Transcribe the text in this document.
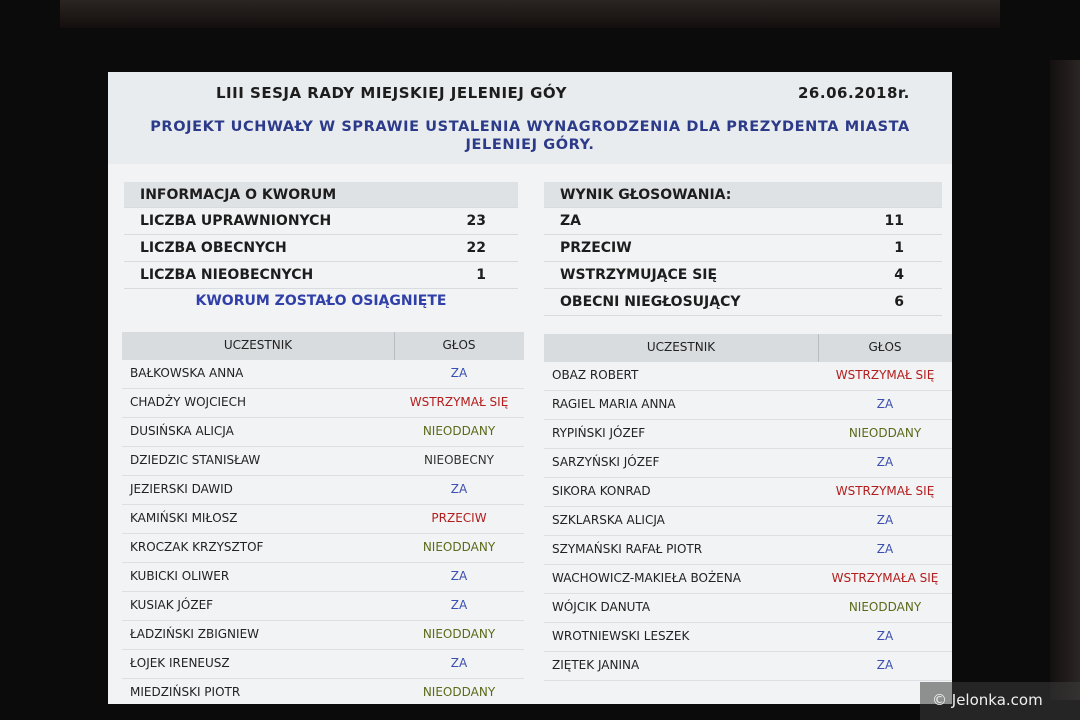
LIII SESJA RADY MIEJSKIEJ JELENIEJ GÓY	26.06.2018r.
PROJEKT UCHWAŁY W SPRAWIE USTALENIA WYNAGRODZENIA DLA PREZYDENTA MIASTA
JELENIEJ GÓRY.
INFORMACJA O KWORUM
LICZBA UPRAWNIONYCH	23
LICZBA OBECNYCH	22
LICZBA NIEOBECNYCH	1
KWORUM ZOSTAŁO OSIĄGNIĘTE
WYNIK GŁOSOWANIA:
ZA	11
PRZECIW	1
WSTRZYMUJĄCE SIĘ	4
OBECNI NIEGŁOSUJĄCY	6
UCZESTNIK	GŁOS
BAŁKOWSKA ANNA	ZA
CHADŻY WOJCIECH	WSTRZYMAŁ SIĘ
DUSIŃSKA ALICJA	NIEODDANY
DZIEDZIC STANISŁAW	NIEOBECNY
JEZIERSKI DAWID	ZA
KAMIŃSKI MIŁOSZ	PRZECIW
KROCZAK KRZYSZTOF	NIEODDANY
KUBICKI OLIWER	ZA
KUSIAK JÓZEF	ZA
ŁADZIŃSKI ZBIGNIEW	NIEODDANY
ŁOJEK IRENEUSZ	ZA
MIEDZIŃSKI PIOTR	NIEODDANY
UCZESTNIK	GŁOS
OBAZ ROBERT	WSTRZYMAŁ SIĘ
RAGIEL MARIA ANNA	ZA
RYPIŃSKI JÓZEF	NIEODDANY
SARZYŃSKI JÓZEF	ZA
SIKORA KONRAD	WSTRZYMAŁ SIĘ
SZKLARSKA ALICJA	ZA
SZYMAŃSKI RAFAŁ PIOTR	ZA
WACHOWICZ-MAKIEŁA BOŻENA	WSTRZYMAŁA SIĘ
WÓJCIK DANUTA	NIEODDANY
WROTNIEWSKI LESZEK	ZA
ZIĘTEK JANINA	ZA
© Jelonka.com
